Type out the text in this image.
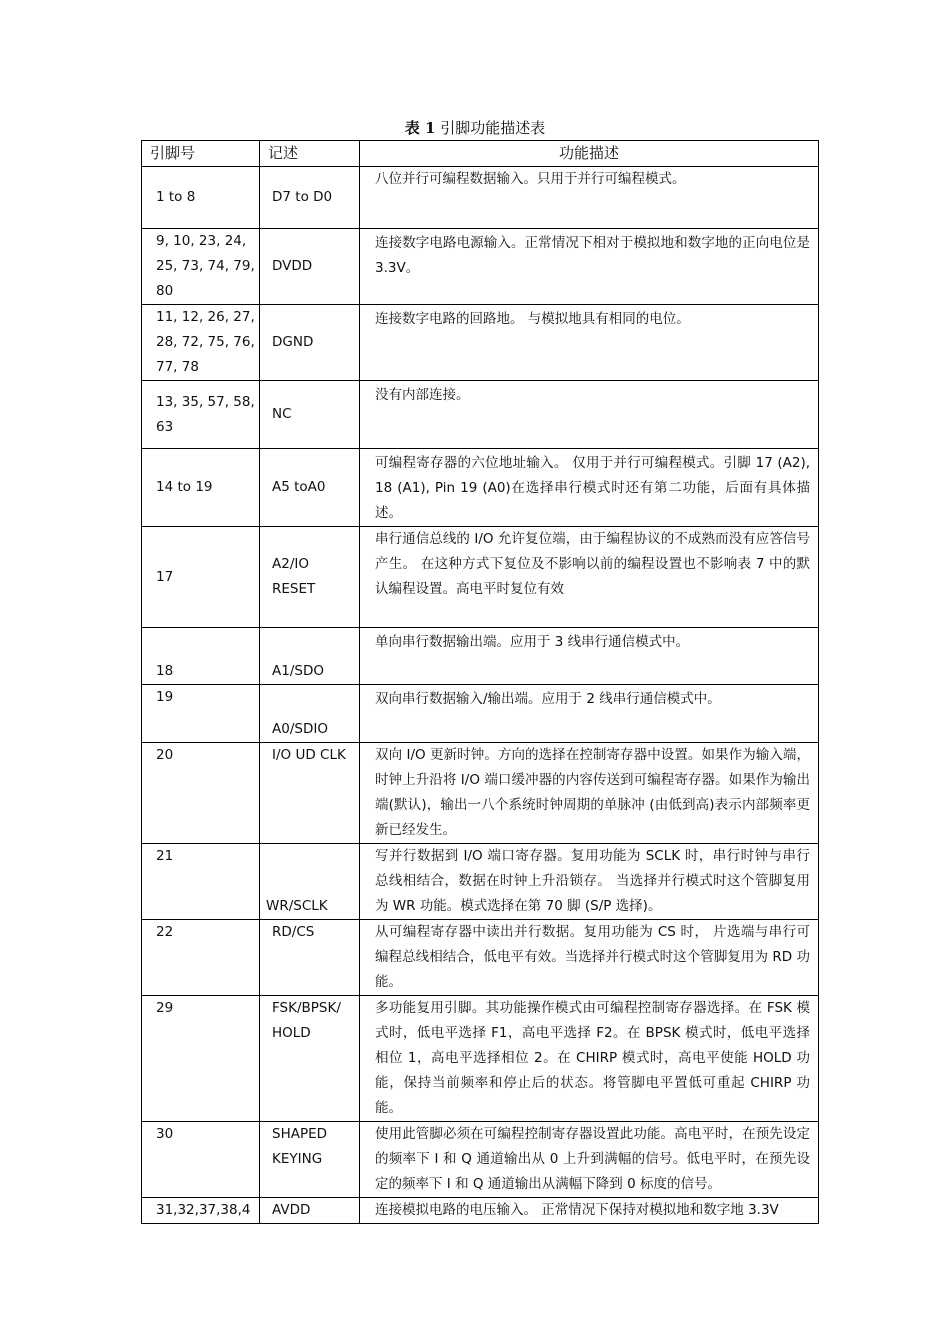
表 1 引脚功能描述表
引脚号	记述	功能描述
1 to 8	D7 to D0	八位并行可编程数据输入。只用于并行可编程模式。
9, 10, 23, 24, 25, 73, 74, 79, 80	DVDD	连接数字电路电源输入。正常情况下相对于模拟地和数字地的正向电位是 3.3V。
11, 12, 26, 27, 28, 72, 75, 76, 77, 78	DGND	连接数字电路的回路地。 与模拟地具有相同的电位。
13, 35, 57, 58, 63	NC	没有内部连接。
14 to 19	A5 toA0	可编程寄存器的六位地址输入。 仅用于并行可编程模式。引脚 17 (A2), 18 (A1), Pin 19 (A0)在选择串行模式时还有第二功能，后面有具体描述。
17	A2/IO RESET	串行通信总线的 I/O 允许复位端，由于编程协议的不成熟而没有应答信号产生。 在这种方式下复位及不影响以前的编程设置也不影响表 7 中的默认编程设置。高电平时复位有效
18	A1/SDO	单向串行数据输出端。应用于 3 线串行通信模式中。
19	A0/SDIO	双向串行数据输入/输出端。应用于 2 线串行通信模式中。
20	I/O UD CLK	双向 I/O 更新时钟。方向的选择在控制寄存器中设置。如果作为输入端， 时钟上升沿将 I/O 端口缓冲器的内容传送到可编程寄存器。如果作为输出端(默认)，输出一八个系统时钟周期的单脉冲 (由低到高)表示内部频率更新已经发生。
21	WR/SCLK	写并行数据到 I/O 端口寄存器。复用功能为 SCLK 时，串行时钟与串行总线相结合，数据在时钟上升沿锁存。 当选择并行模式时这个管脚复用为 WR 功能。模式选择在第 70 脚 (S/P 选择)。
22	RD/CS	从可编程寄存器中读出并行数据。复用功能为 CS 时， 片选端与串行可编程总线相结合，低电平有效。当选择并行模式时这个管脚复用为 RD 功能。
29	FSK/BPSK/ HOLD	多功能复用引脚。其功能操作模式由可编程控制寄存器选择。在 FSK 模式时，低电平选择 F1，高电平选择 F2。在 BPSK 模式时，低电平选择相位 1，高电平选择相位 2。在 CHIRP 模式时，高电平使能 HOLD 功能，保持当前频率和停止后的状态。将管脚电平置低可重起 CHIRP 功能。
30	SHAPED KEYING	使用此管脚必须在可编程控制寄存器设置此功能。高电平时，在预先设定的频率下 I 和 Q 通道输出从 0 上升到满幅的信号。低电平时，在预先设定的频率下 I 和 Q 通道输出从满幅下降到 0 标度的信号。
31,32,37,38,4	AVDD	连接模拟电路的电压输入。 正常情况下保持对模拟地和数字地 3.3V
